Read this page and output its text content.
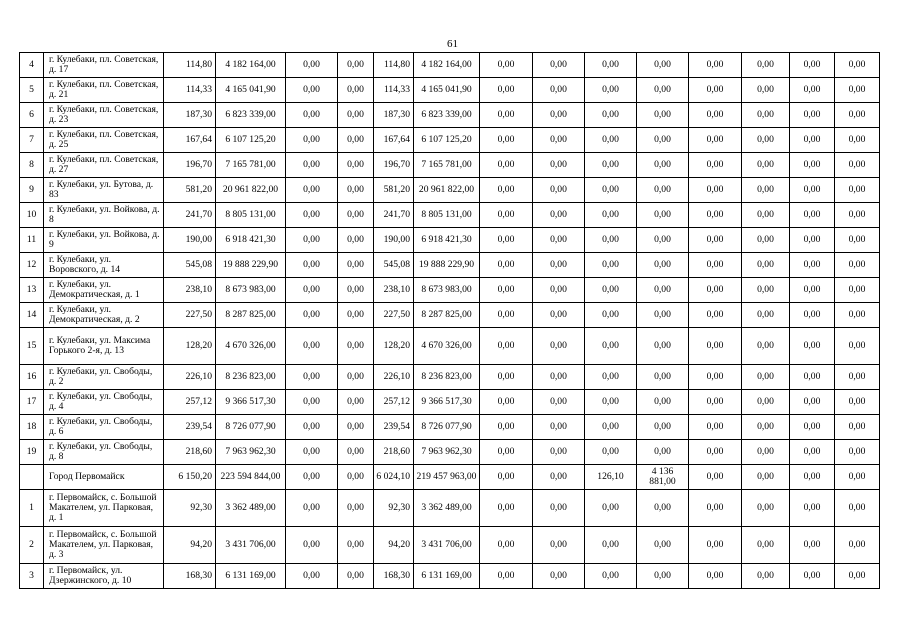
61
4	г. Кулебаки, пл. Советская, д. 17	114,80	4 182 164,00	0,00	0,00	114,80	4 182 164,00	0,00	0,00	0,00	0,00	0,00	0,00	0,00	0,00
5	г. Кулебаки, пл. Советская, д. 21	114,33	4 165 041,90	0,00	0,00	114,33	4 165 041,90	0,00	0,00	0,00	0,00	0,00	0,00	0,00	0,00
6	г. Кулебаки, пл. Советская, д. 23	187,30	6 823 339,00	0,00	0,00	187,30	6 823 339,00	0,00	0,00	0,00	0,00	0,00	0,00	0,00	0,00
7	г. Кулебаки, пл. Советская, д. 25	167,64	6 107 125,20	0,00	0,00	167,64	6 107 125,20	0,00	0,00	0,00	0,00	0,00	0,00	0,00	0,00
8	г. Кулебаки, пл. Советская, д. 27	196,70	7 165 781,00	0,00	0,00	196,70	7 165 781,00	0,00	0,00	0,00	0,00	0,00	0,00	0,00	0,00
9	г. Кулебаки, ул. Бутова, д. 83	581,20	20 961 822,00	0,00	0,00	581,20	20 961 822,00	0,00	0,00	0,00	0,00	0,00	0,00	0,00	0,00
10	г. Кулебаки, ул. Войкова, д. 8	241,70	8 805 131,00	0,00	0,00	241,70	8 805 131,00	0,00	0,00	0,00	0,00	0,00	0,00	0,00	0,00
11	г. Кулебаки, ул. Войкова, д. 9	190,00	6 918 421,30	0,00	0,00	190,00	6 918 421,30	0,00	0,00	0,00	0,00	0,00	0,00	0,00	0,00
12	г. Кулебаки, ул. Воровского, д. 14	545,08	19 888 229,90	0,00	0,00	545,08	19 888 229,90	0,00	0,00	0,00	0,00	0,00	0,00	0,00	0,00
13	г. Кулебаки, ул. Демократическая, д. 1	238,10	8 673 983,00	0,00	0,00	238,10	8 673 983,00	0,00	0,00	0,00	0,00	0,00	0,00	0,00	0,00
14	г. Кулебаки, ул. Демократическая, д. 2	227,50	8 287 825,00	0,00	0,00	227,50	8 287 825,00	0,00	0,00	0,00	0,00	0,00	0,00	0,00	0,00
15	г. Кулебаки, ул. Максима Горького 2-я, д. 13	128,20	4 670 326,00	0,00	0,00	128,20	4 670 326,00	0,00	0,00	0,00	0,00	0,00	0,00	0,00	0,00
16	г. Кулебаки, ул. Свободы, д. 2	226,10	8 236 823,00	0,00	0,00	226,10	8 236 823,00	0,00	0,00	0,00	0,00	0,00	0,00	0,00	0,00
17	г. Кулебаки, ул. Свободы, д. 4	257,12	9 366 517,30	0,00	0,00	257,12	9 366 517,30	0,00	0,00	0,00	0,00	0,00	0,00	0,00	0,00
18	г. Кулебаки, ул. Свободы, д. 6	239,54	8 726 077,90	0,00	0,00	239,54	8 726 077,90	0,00	0,00	0,00	0,00	0,00	0,00	0,00	0,00
19	г. Кулебаки, ул. Свободы, д. 8	218,60	7 963 962,30	0,00	0,00	218,60	7 963 962,30	0,00	0,00	0,00	0,00	0,00	0,00	0,00	0,00
	Город Первомайск	6 150,20	223 594 844,00	0,00	0,00	6 024,10	219 457 963,00	0,00	0,00	126,10	4 136 881,00	0,00	0,00	0,00	0,00
1	г. Первомайск, с. Большой Макателем, ул. Парковая, д. 1	92,30	3 362 489,00	0,00	0,00	92,30	3 362 489,00	0,00	0,00	0,00	0,00	0,00	0,00	0,00	0,00
2	г. Первомайск, с. Большой Макателем, ул. Парковая, д. 3	94,20	3 431 706,00	0,00	0,00	94,20	3 431 706,00	0,00	0,00	0,00	0,00	0,00	0,00	0,00	0,00
3	г. Первомайск, ул. Дзержинского, д. 10	168,30	6 131 169,00	0,00	0,00	168,30	6 131 169,00	0,00	0,00	0,00	0,00	0,00	0,00	0,00	0,00
